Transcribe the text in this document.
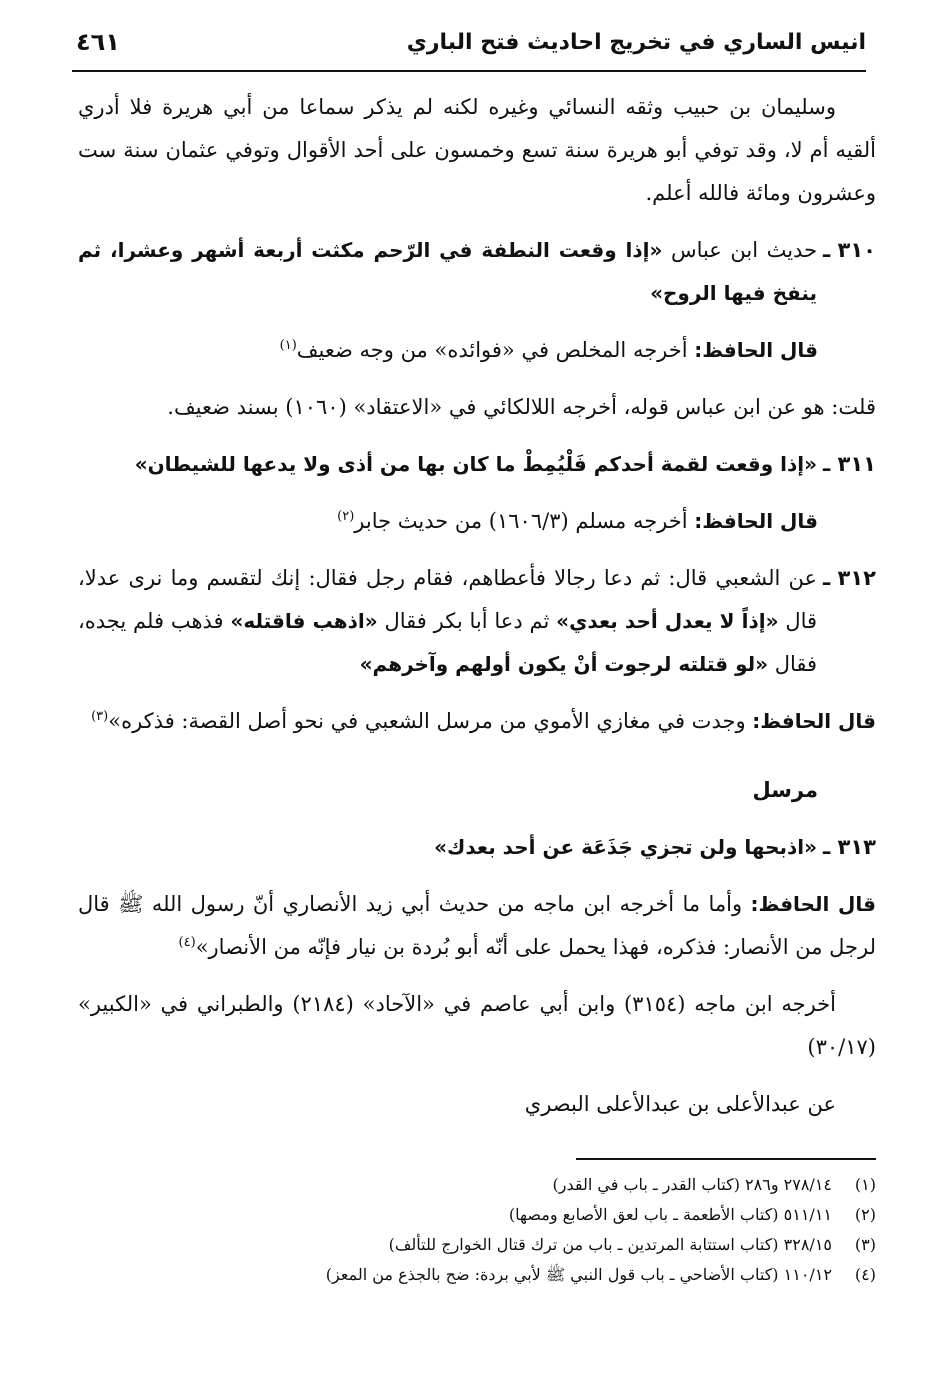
انيس الساري في تخريج احاديث فتح الباري
٤٦١

وسليمان بن حبيب وثقه النسائي وغيره لكنه لم يذكر سماعا من أبي هريرة فلا أدري ألقيه أم لا، وقد توفي أبو هريرة سنة تسع وخمسون على أحد الأقوال وتوفي عثمان سنة ست وعشرون ومائة فالله أعلم.

٣١٠ ـ
حديث ابن عباس «إذا وقعت النطفة في الرّحم مكثت أربعة أشهر وعشرا، ثم ينفخ فيها الروح»

قال الحافظ: أخرجه المخلص في «فوائده» من وجه ضعيف$^{(١)}$

قلت: هو عن ابن عباس قوله، أخرجه اللالكائي في «الاعتقاد» (١٠٦٠) بسند ضعيف.

٣١١ ـ
«إذا وقعت لقمة أحدكم فَلْيُمِطْ ما كان بها من أذى ولا يدعها للشيطان»

قال الحافظ: أخرجه مسلم (١٦٠٦/٣) من حديث جابر$^{(٢)}$

٣١٢ ـ
عن الشعبي قال: ثم دعا رجالا فأعطاهم، فقام رجل فقال: إنك لتقسم وما نرى عدلا، قال «إذاً لا يعدل أحد بعدي» ثم دعا أبا بكر فقال «اذهب فاقتله» فذهب فلم يجده، فقال «لو قتلته لرجوت أنْ يكون أولهم وآخرهم»

قال الحافظ: وجدت في مغازي الأموي من مرسل الشعبي في نحو أصل القصة: فذكره»$^{(٣)}$

مرسل
٣١٣ ـ
«اذبحها ولن تجزي جَذَعَة عن أحد بعدك»

قال الحافظ: وأما ما أخرجه ابن ماجه من حديث أبي زيد الأنصاري أنّ رسول الله ﷺ قال لرجل من الأنصار: فذكره، فهذا يحمل على أنّه أبو بُردة بن نيار فإنّه من الأنصار»$^{(٤)}$

أخرجه ابن ماجه (٣١٥٤) وابن أبي عاصم في «الآحاد» (٢١٨٤) والطبراني في «الكبير» (٣٠/١٧)

عن عبدالأعلى بن عبدالأعلى البصري

(١)
٢٧٨/١٤ و٢٨٦ (كتاب القدر ـ باب في القدر)
(٢)
٥١١/١١ (كتاب الأطعمة ـ باب لعق الأصابع ومصها)
(٣)
٣٢٨/١٥ (كتاب استتابة المرتدين ـ باب من ترك قتال الخوارج للتألف)
(٤)
١١٠/١٢ (كتاب الأضاحي ـ باب قول النبي ﷺ لأبي بردة: ضح بالجذع من المعز)
